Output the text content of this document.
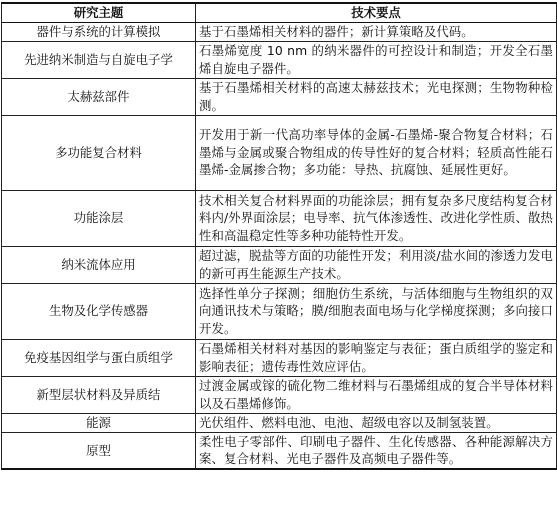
研究主题	技术要点
器件与系统的计算模拟	基于石墨烯相关材料的器件；新计算策略及代码。
先进纳米制造与自旋电子学	石墨烯宽度 10 nm 的纳米器件的可控设计和制造；开发全石墨烯自旋电子器件。
太赫兹部件	基于石墨烯相关材料的高速太赫兹技术；光电探测；生物物种检测。
多功能复合材料	开发用于新一代高功率导体的金属-石墨烯-聚合物复合材料；石墨烯与金属或聚合物组成的传导性好的复合材料；轻质高性能石墨烯-金属掺合物；多功能：导热、抗腐蚀、延展性更好。
功能涂层	技术相关复合材料界面的功能涂层；拥有复杂多尺度结构复合材料内/外界面涂层；电导率、抗气体渗透性、改进化学性质、散热性和高温稳定性等多种功能特性开发。
纳米流体应用	超过滤，脱盐等方面的功能性开发；利用淡/盐水间的渗透力发电的新可再生能源生产技术。
生物及化学传感器	选择性单分子探测；细胞仿生系统，与活体细胞与生物组织的双向通讯技术与策略；膜/细胞表面电场与化学梯度探测；多向接口开发。
免疫基因组学与蛋白质组学	石墨烯相关材料对基因的影响鉴定与表征；蛋白质组学的鉴定和影响表征；遗传毒性效应评估。
新型层状材料及异质结	过渡金属或镓的硫化物二维材料与石墨烯组成的复合半导体材料以及石墨烯修饰。
能源	光伏组件、燃料电池、电池、超级电容以及制氢装置。
原型	柔性电子零部件、印刷电子器件、生化传感器、各种能源解决方案、复合材料、光电子器件及高频电子器件等。
